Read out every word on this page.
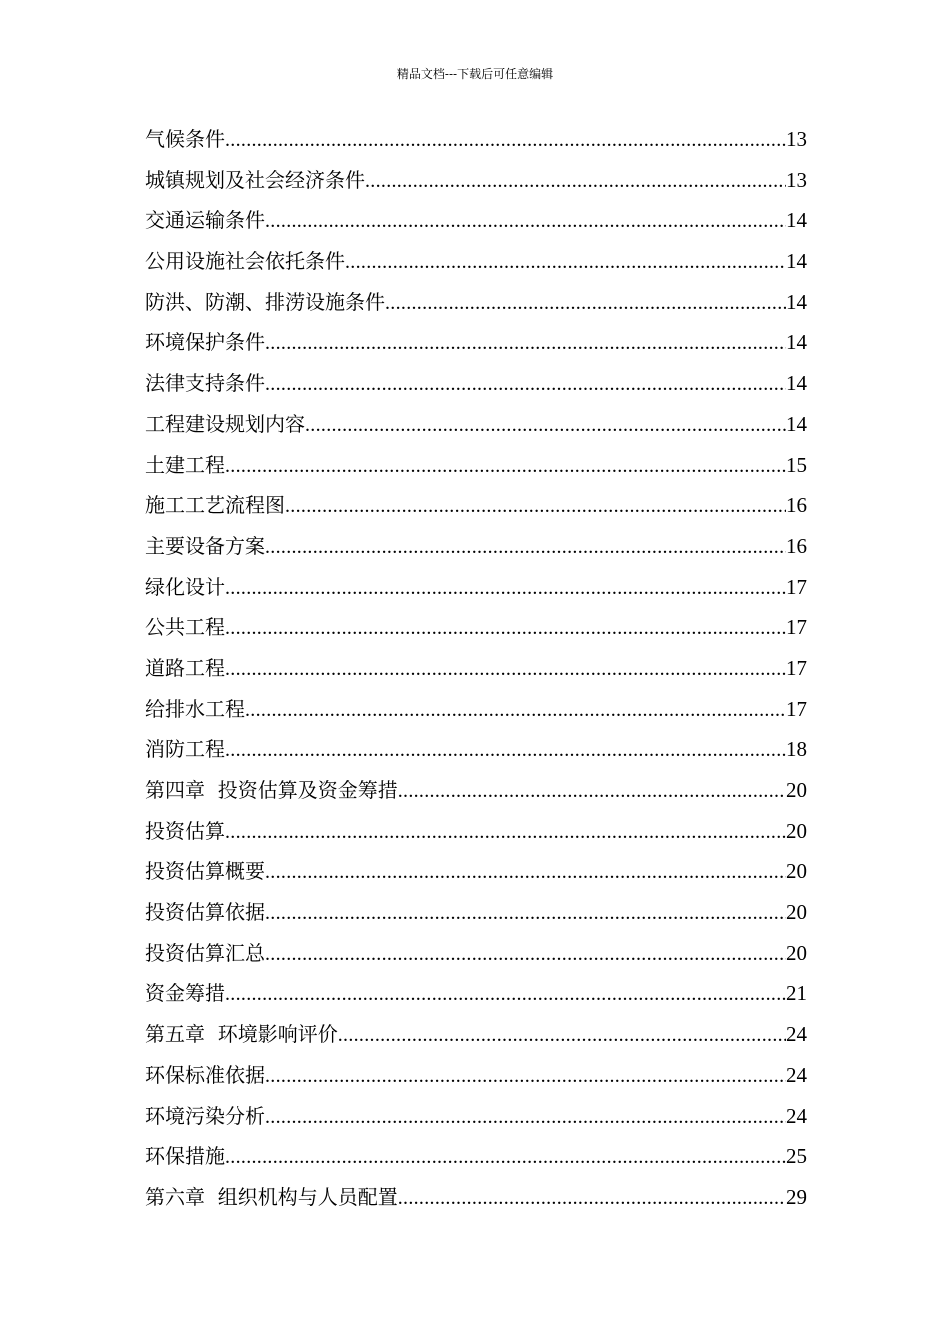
精品文档---下载后可任意编辑
气候条件 .....	13
城镇规划及社会经济条件 .....	13
交通运输条件 .....	14
公用设施社会依托条件 .....	14
防洪、防潮、排涝设施条件 .....	14
环境保护条件 .....	14
法律支持条件 .....	14
工程建设规划内容 .....	14
土建工程 .....	15
施工工艺流程图 .....	16
主要设备方案 .....	16
绿化设计 .....	17
公共工程 .....	17
道路工程 .....	17
给排水工程 .....	17
消防工程 .....	18
第四章  投资估算及资金筹措 .....	20
投资估算 .....	20
投资估算概要 .....	20
投资估算依据 .....	20
投资估算汇总 .....	20
资金筹措 .....	21
第五章  环境影响评价 .....	24
环保标准依据 .....	24
环境污染分析 .....	24
环保措施 .....	25
第六章  组织机构与人员配置 .....	29
